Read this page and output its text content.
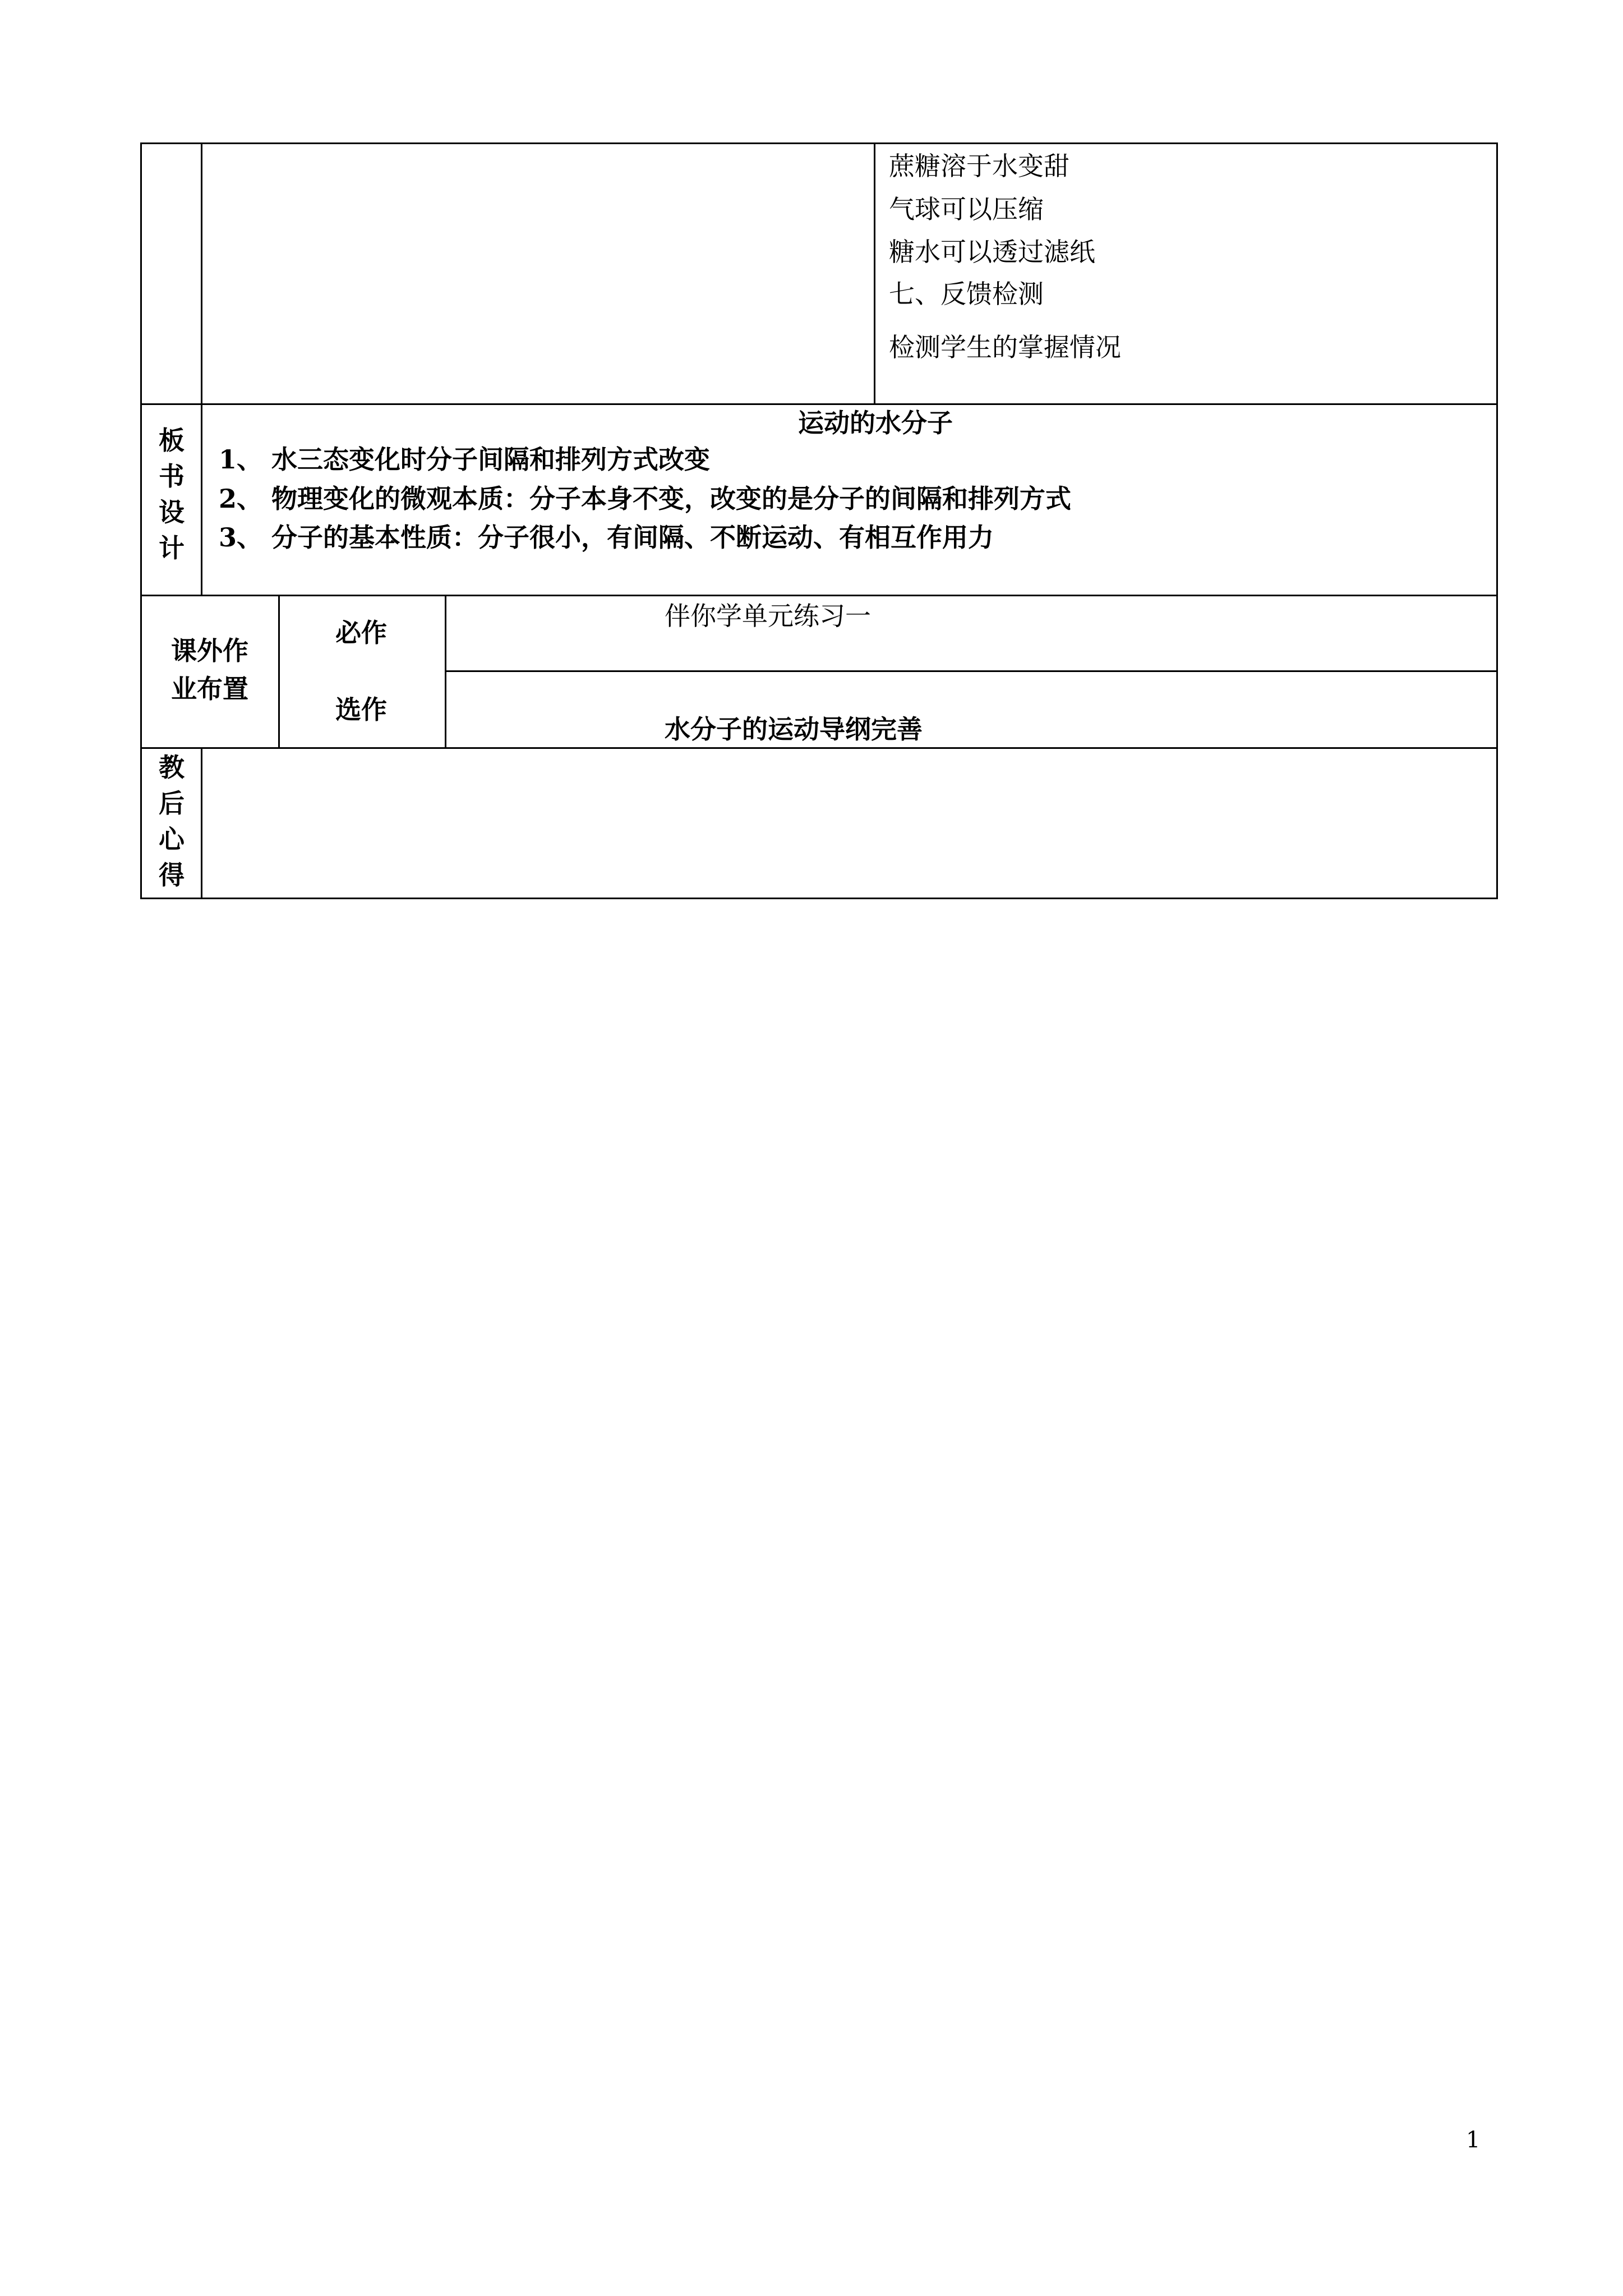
蔗糖溶于水变甜
气球可以压缩
糖水可以透过滤纸
七、反馈检测
检测学生的掌握情况
板
书
设
计
运动的水分子
1、 水三态变化时分子间隔和排列方式改变
2、 物理变化的微观本质：分子本身不变，改变的是分子的间隔和排列方式
3、 分子的基本性质：分子很小，有间隔、不断运动、有相互作用力
课外作
业布置
必作
伴你学单元练习一
选作
水分子的运动导纲完善
教
后
心
得
1
